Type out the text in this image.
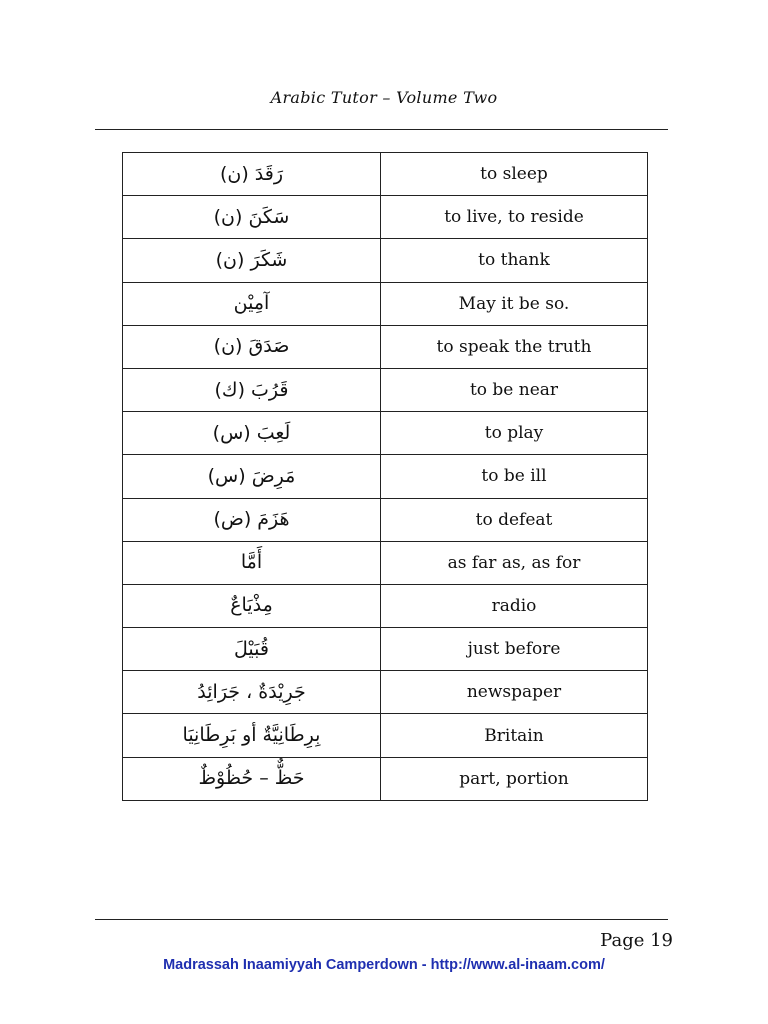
Arabic Tutor – Volume Two
رَقَدَ (ن)	to sleep
سَكَنَ (ن)	to live, to reside
شَكَرَ (ن)	to thank
آمِيْن	May it be so.
صَدَقَ (ن)	to speak the truth
قَرُبَ (ك)	to be near
لَعِبَ (س)	to play
مَرِضَ (س)	to be ill
هَزَمَ (ض)	to defeat
أَمَّا	as far as, as for
مِذْيَاعٌ	radio
قُبَيْلَ	just before
جَرِيْدَةٌ ، جَرَائِدُ	newspaper
بِرِطَانِيَّةٌ أو بَرِطَانِيَا	Britain
حَظٌّ – حُظُوْظٌ	part, portion
Page 19
Madrassah Inaamiyyah Camperdown - http://www.al-inaam.com/
